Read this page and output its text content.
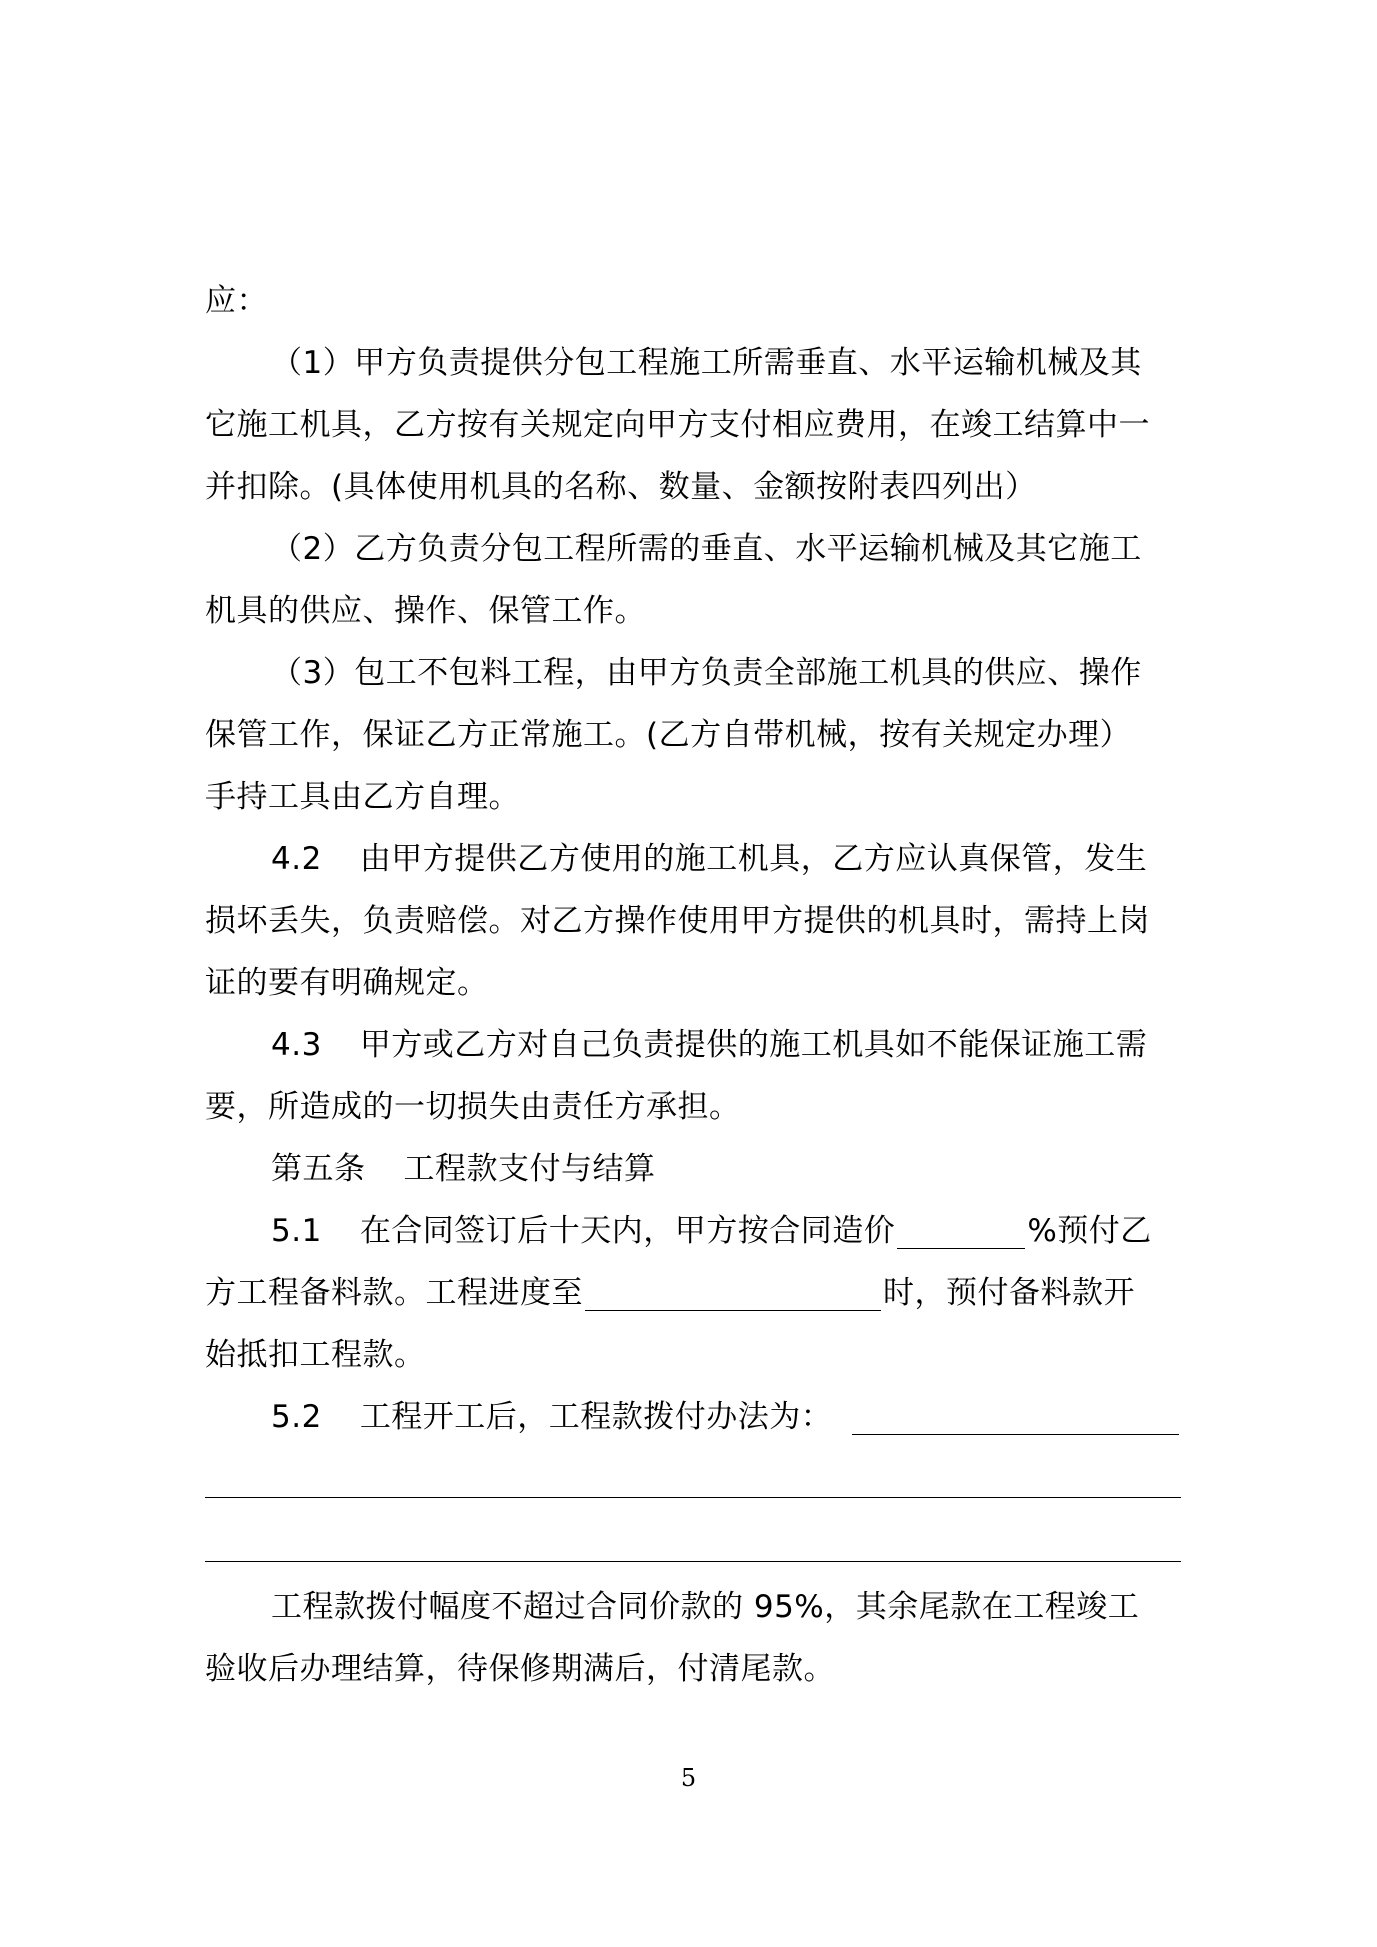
应：
（1）甲方负责提供分包工程施工所需垂直、水平运输机械及其
它施工机具，乙方按有关规定向甲方支付相应费用，在竣工结算中一
并扣除。(具体使用机具的名称、数量、金额按附表四列出）
（2）乙方负责分包工程所需的垂直、水平运输机械及其它施工
机具的供应、操作、保管工作。
（3）包工不包料工程，由甲方负责全部施工机具的供应、操作
保管工作，保证乙方正常施工。(乙方自带机械，按有关规定办理）
手持工具由乙方自理。
4.2 由甲方提供乙方使用的施工机具，乙方应认真保管，发生
损坏丢失，负责赔偿。对乙方操作使用甲方提供的机具时，需持上岗
证的要有明确规定。
4.3 甲方或乙方对自己负责提供的施工机具如不能保证施工需
要，所造成的一切损失由责任方承担。
第五条 工程款支付与结算
5.1 在合同签订后十天内，甲方按合同造价	%预付乙
方工程备料款。工程进度至	时，预付备料款开
始抵扣工程款。
5.2 工程开工后，工程款拨付办法为：
工程款拨付幅度不超过合同价款的 95%，其余尾款在工程竣工
验收后办理结算，待保修期满后，付清尾款。
5
